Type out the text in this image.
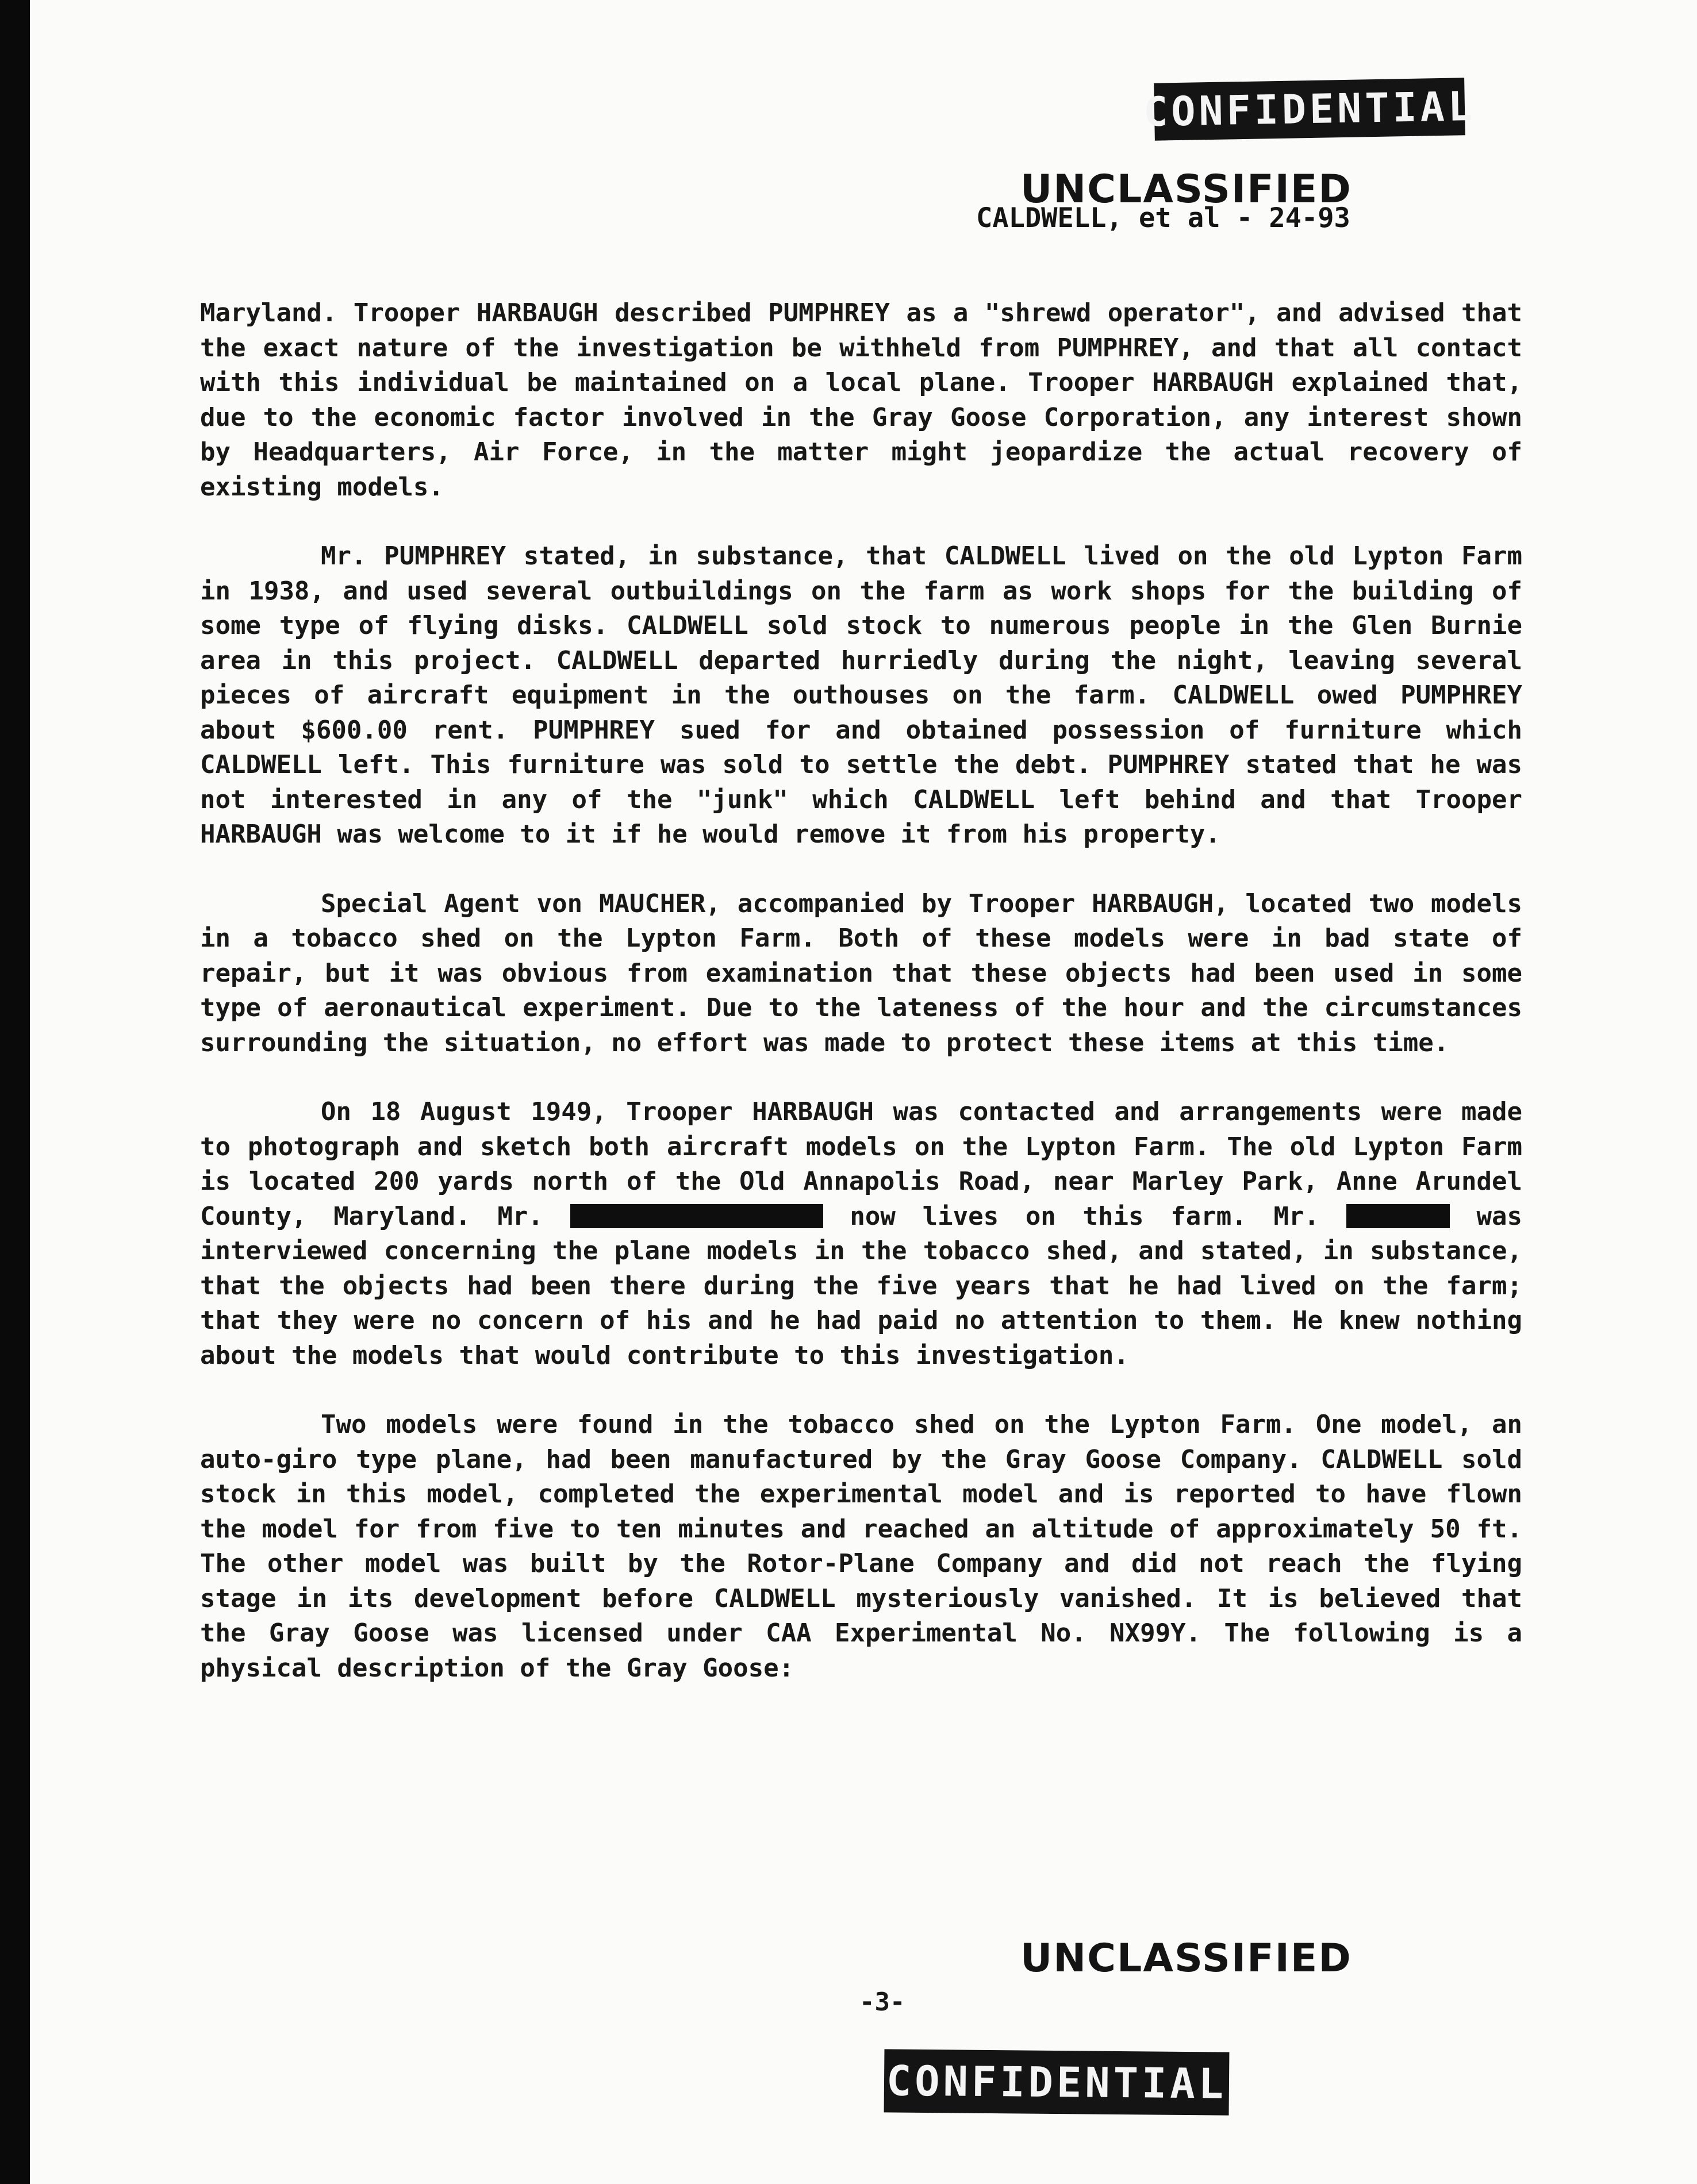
CONFIDENTIAL
UNCLASSIFIED
CALDWELL, et al - 24-93

Maryland. Trooper HARBAUGH described PUMPHREY as a "shrewd operator", and advised that the exact nature of the investigation be withheld from PUMPHREY, and that all contact with this individual be maintained on a local plane. Trooper HARBAUGH explained that, due to the economic factor involved in the Gray Goose Corporation, any interest shown by Headquarters, Air Force, in the matter might jeopardize the actual recovery of existing models.

Mr. PUMPHREY stated, in substance, that CALDWELL lived on the old Lypton Farm in 1938, and used several outbuildings on the farm as work shops for the building of some type of flying disks. CALDWELL sold stock to numerous people in the Glen Burnie area in this project. CALDWELL departed hurriedly during the night, leaving several pieces of aircraft equipment in the outhouses on the farm. CALDWELL owed PUMPHREY about $600.00 rent. PUMPHREY sued for and obtained possession of furniture which CALDWELL left. This furniture was sold to settle the debt. PUMPHREY stated that he was not interested in any of the "junk" which CALDWELL left behind and that Trooper HARBAUGH was welcome to it if he would remove it from his property.

Special Agent von MAUCHER, accompanied by Trooper HARBAUGH, located two models in a tobacco shed on the Lypton Farm. Both of these models were in bad state of repair, but it was obvious from examination that these objects had been used in some type of aeronautical experiment. Due to the lateness of the hour and the circumstances surrounding the situation, no effort was made to protect these items at this time.

On 18 August 1949, Trooper HARBAUGH was contacted and arrangements were made to photograph and sketch both aircraft models on the Lypton Farm. The old Lypton Farm is located 200 yards north of the Old Annapolis Road, near Marley Park, Anne Arundel County, Maryland. Mr.	now lives on this farm. Mr.	was interviewed concerning the plane models in the tobacco shed, and stated, in substance, that the objects had been there during the five years that he had lived on the farm; that they were no concern of his and he had paid no attention to them. He knew nothing about the models that would contribute to this investigation.

Two models were found in the tobacco shed on the Lypton Farm. One model, an auto-giro type plane, had been manufactured by the Gray Goose Company. CALDWELL sold stock in this model, completed the experimental model and is reported to have flown the model for from five to ten minutes and reached an altitude of approximately 50 ft. The other model was built by the Rotor-Plane Company and did not reach the flying stage in its development before CALDWELL mysteriously vanished. It is believed that the Gray Goose was licensed under CAA Experimental No. NX99Y. The following is a physical description of the Gray Goose:

UNCLASSIFIED
-3-
CONFIDENTIAL
